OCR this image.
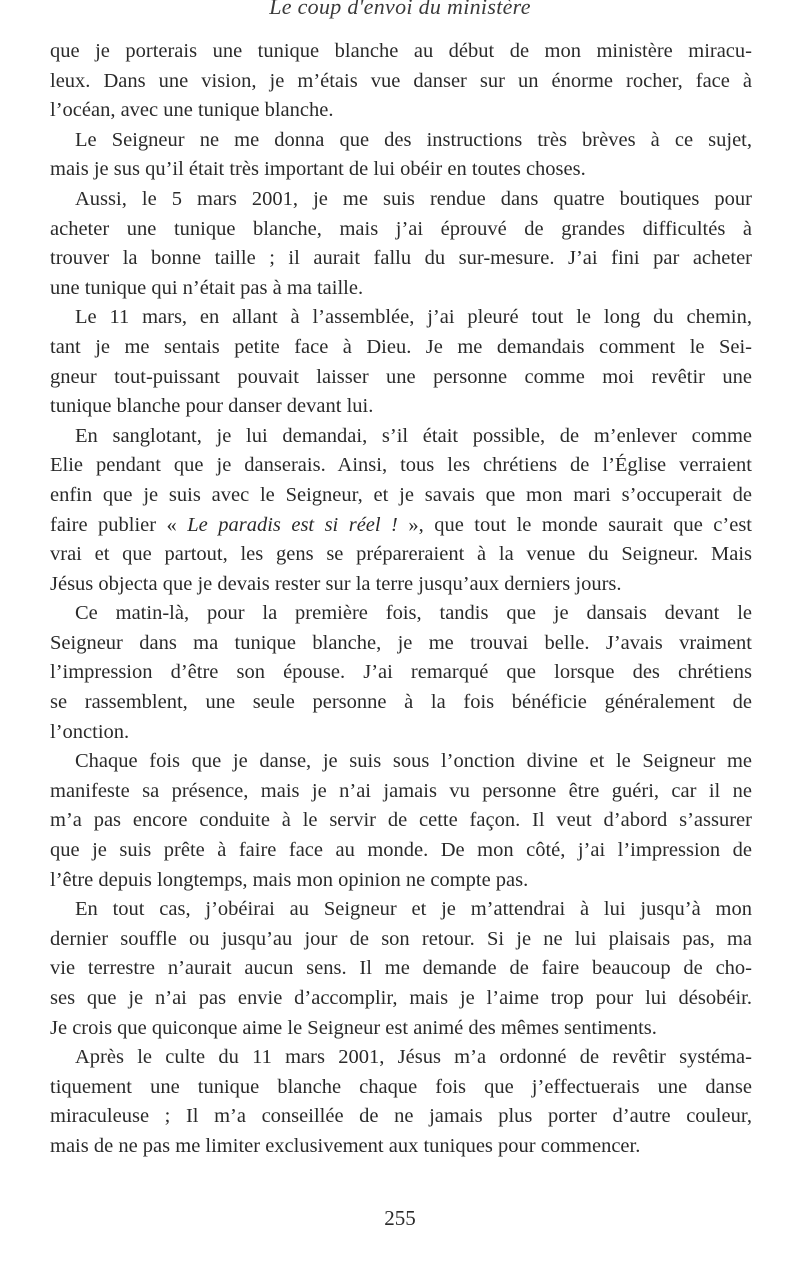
Le coup d'envoi du ministère
que je porterais une tunique blanche au début de mon ministère miracu-
leux. Dans une vision, je m’étais vue danser sur un énorme rocher, face à
l’océan, avec une tunique blanche.
Le Seigneur ne me donna que des instructions très brèves à ce sujet,
mais je sus qu’il était très important de lui obéir en toutes choses.
Aussi, le 5 mars 2001, je me suis rendue dans quatre boutiques pour
acheter une tunique blanche, mais j’ai éprouvé de grandes difficultés à
trouver la bonne taille ; il aurait fallu du sur-mesure. J’ai fini par acheter
une tunique qui n’était pas à ma taille.
Le 11 mars, en allant à l’assemblée, j’ai pleuré tout le long du chemin,
tant je me sentais petite face à Dieu. Je me demandais comment le Sei-
gneur tout-puissant pouvait laisser une personne comme moi revêtir une
tunique blanche pour danser devant lui.
En sanglotant, je lui demandai, s’il était possible, de m’enlever comme
Elie pendant que je danserais. Ainsi, tous les chrétiens de l’Église verraient
enfin que je suis avec le Seigneur, et je savais que mon mari s’occuperait de
faire publier « Le paradis est si réel ! », que tout le monde saurait que c’est
vrai et que partout, les gens se prépareraient à la venue du Seigneur. Mais
Jésus objecta que je devais rester sur la terre jusqu’aux derniers jours.
Ce matin-là, pour la première fois, tandis que je dansais devant le
Seigneur dans ma tunique blanche, je me trouvai belle. J’avais vraiment
l’impression d’être son épouse. J’ai remarqué que lorsque des chrétiens
se rassemblent, une seule personne à la fois bénéficie généralement de
l’onction.
Chaque fois que je danse, je suis sous l’onction divine et le Seigneur me
manifeste sa présence, mais je n’ai jamais vu personne être guéri, car il ne
m’a pas encore conduite à le servir de cette façon. Il veut d’abord s’assurer
que je suis prête à faire face au monde. De mon côté, j’ai l’impression de
l’être depuis longtemps, mais mon opinion ne compte pas.
En tout cas, j’obéirai au Seigneur et je m’attendrai à lui jusqu’à mon
dernier souffle ou jusqu’au jour de son retour. Si je ne lui plaisais pas, ma
vie terrestre n’aurait aucun sens. Il me demande de faire beaucoup de cho-
ses que je n’ai pas envie d’accomplir, mais je l’aime trop pour lui désobéir.
Je crois que quiconque aime le Seigneur est animé des mêmes sentiments.
Après le culte du 11 mars 2001, Jésus m’a ordonné de revêtir systéma-
tiquement une tunique blanche chaque fois que j’effectuerais une danse
miraculeuse ; Il m’a conseillée de ne jamais plus porter d’autre couleur,
mais de ne pas me limiter exclusivement aux tuniques pour commencer.
255
